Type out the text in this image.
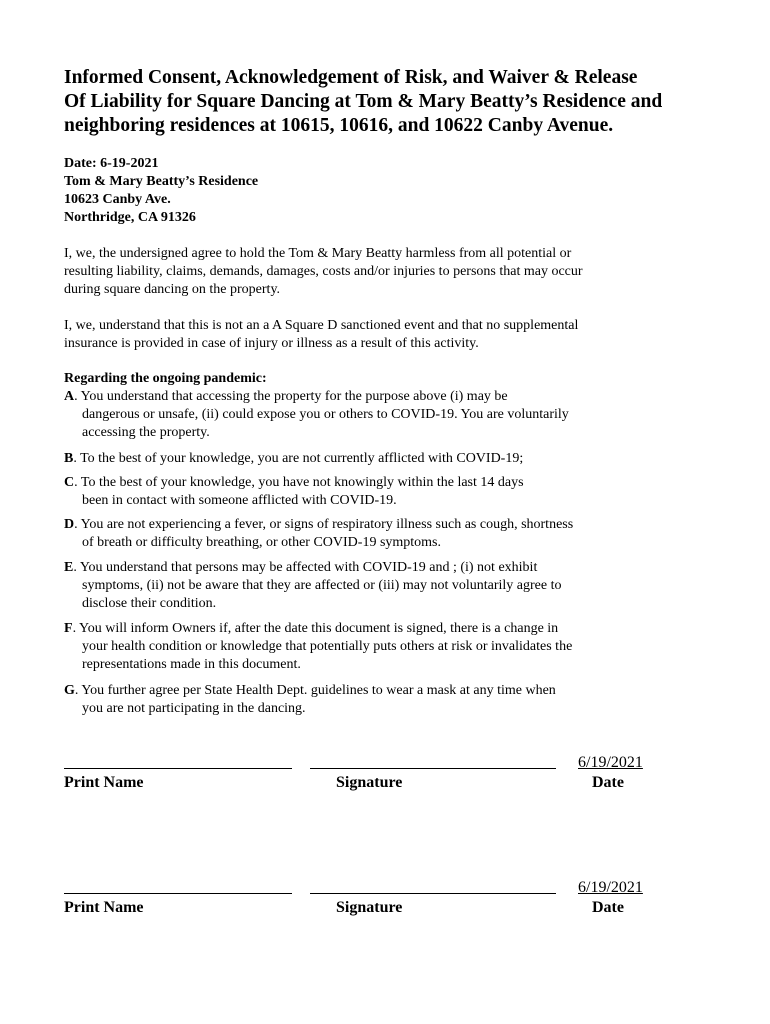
Informed Consent, Acknowledgement of Risk, and Waiver & Release
Of Liability for Square Dancing at Tom & Mary Beatty’s Residence and
neighboring residences at 10615, 10616, and 10622 Canby Avenue.
Date: 6-19-2021
Tom & Mary Beatty’s Residence
10623 Canby Ave.
Northridge, CA 91326

I, we, the undersigned agree to hold the Tom & Mary Beatty harmless from all potential or
resulting liability, claims, demands, damages, costs and/or injuries to persons that may occur
during square dancing on the property.

I, we, understand that this is not an a A Square D sanctioned event and that no supplemental
insurance is provided in case of injury or illness as a result of this activity.

Regarding the ongoing pandemic:
A. You understand that accessing the property for the purpose above (i) may be
dangerous or unsafe, (ii) could expose you or others to COVID-19. You are voluntarily
accessing the property.
B. To the best of your knowledge, you are not currently afflicted with COVID-19;
C. To the best of your knowledge, you have not knowingly within the last 14 days
been in contact with someone afflicted with COVID-19.
D. You are not experiencing a fever, or signs of respiratory illness such as cough, shortness
of breath or difficulty breathing, or other COVID-19 symptoms.
E. You understand that persons may be affected with COVID-19 and ; (i) not exhibit
symptoms, (ii) not be aware that they are affected or (iii) may not voluntarily agree to
disclose their condition.
F. You will inform Owners if, after the date this document is signed, there is a change in
your health condition or knowledge that potentially puts others at risk or invalidates the
representations made in this document.
G. You further agree per State Health Dept. guidelines to wear a mask at any time when
you are not participating in the dancing.
6/19/2021
Print Name	Signature	Date
6/19/2021
Print Name	Signature	Date
